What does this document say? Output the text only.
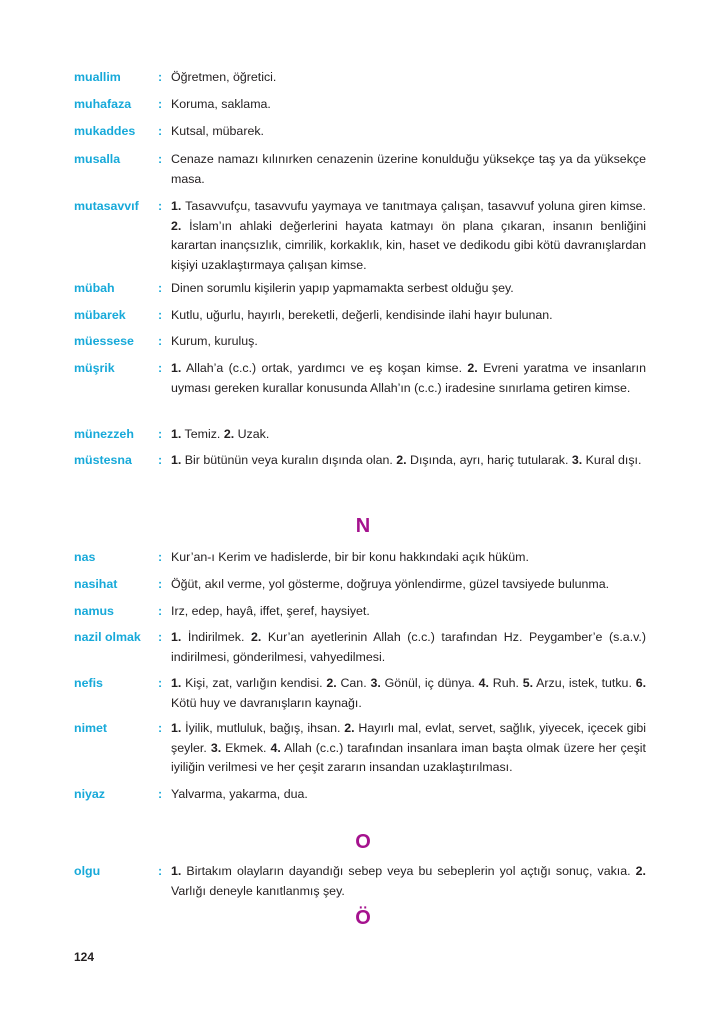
muallim	: Öğretmen, öğretici.
muhafaza	: Koruma, saklama.
mukaddes	: Kutsal, mübarek.
musalla	: Cenaze namazı kılınırken cenazenin üzerine konulduğu yüksekçe taş ya da yüksekçe masa.
mutasavvıf	: 1. Tasavvufçu, tasavvufu yaymaya ve tanıtmaya çalışan, tasavvuf yoluna giren kimse. 2. İslam’ın ahlaki değerlerini hayata katmayı ön plana çıkaran, insanın benliğini karartan inançsızlık, cimrilik, korkaklık, kin, haset ve dedikodu gibi kötü davranışlardan kişiyi uzaklaştırmaya çalışan kimse.
mübah	: Dinen sorumlu kişilerin yapıp yapmamakta serbest olduğu şey.
mübarek	: Kutlu, uğurlu, hayırlı, bereketli, değerli, kendisinde ilahi hayır bulunan.
müessese	: Kurum, kuruluş.
müşrik	: 1. Allah’a (c.c.) ortak, yardımcı ve eş koşan kimse. 2. Evreni yaratma ve insanların uyması gereken kurallar konusunda Allah’ın (c.c.) iradesine sınırlama getiren kimse.
münezzeh	: 1. Temiz. 2. Uzak.
müstesna	: 1. Bir bütünün veya kuralın dışında olan. 2. Dışında, ayrı, hariç tutularak. 3. Kural dışı.
N
nas	: Kur’an-ı Kerim ve hadislerde, bir bir konu hakkındaki açık hüküm.
nasihat	: Öğüt, akıl verme, yol gösterme, doğruya yönlendirme, güzel tavsiyede bulunma.
namus	: Irz, edep, hayâ, iffet, şeref, haysiyet.
nazil olmak	: 1. İndirilmek. 2. Kur’an ayetlerinin Allah (c.c.) tarafından Hz. Peygamber’e (s.a.v.) indirilmesi, gönderilmesi, vahyedilmesi.
nefis	: 1. Kişi, zat, varlığın kendisi. 2. Can. 3. Gönül, iç dünya. 4. Ruh. 5. Arzu, istek, tutku. 6. Kötü huy ve davranışların kaynağı.
nimet	: 1. İyilik, mutluluk, bağış, ihsan. 2. Hayırlı mal, evlat, servet, sağlık, yiyecek, içecek gibi şeyler. 3. Ekmek. 4. Allah (c.c.) tarafından insanlara iman başta olmak üzere her çeşit iyiliğin verilmesi ve her çeşit zararın insandan uzaklaştırılması.
niyaz	: Yalvarma, yakarma, dua.
O
olgu	: 1. Birtakım olayların dayandığı sebep veya bu sebeplerin yol açtığı sonuç, vakıa. 2. Varlığı deneyle kanıtlanmış şey.
Ö
124
